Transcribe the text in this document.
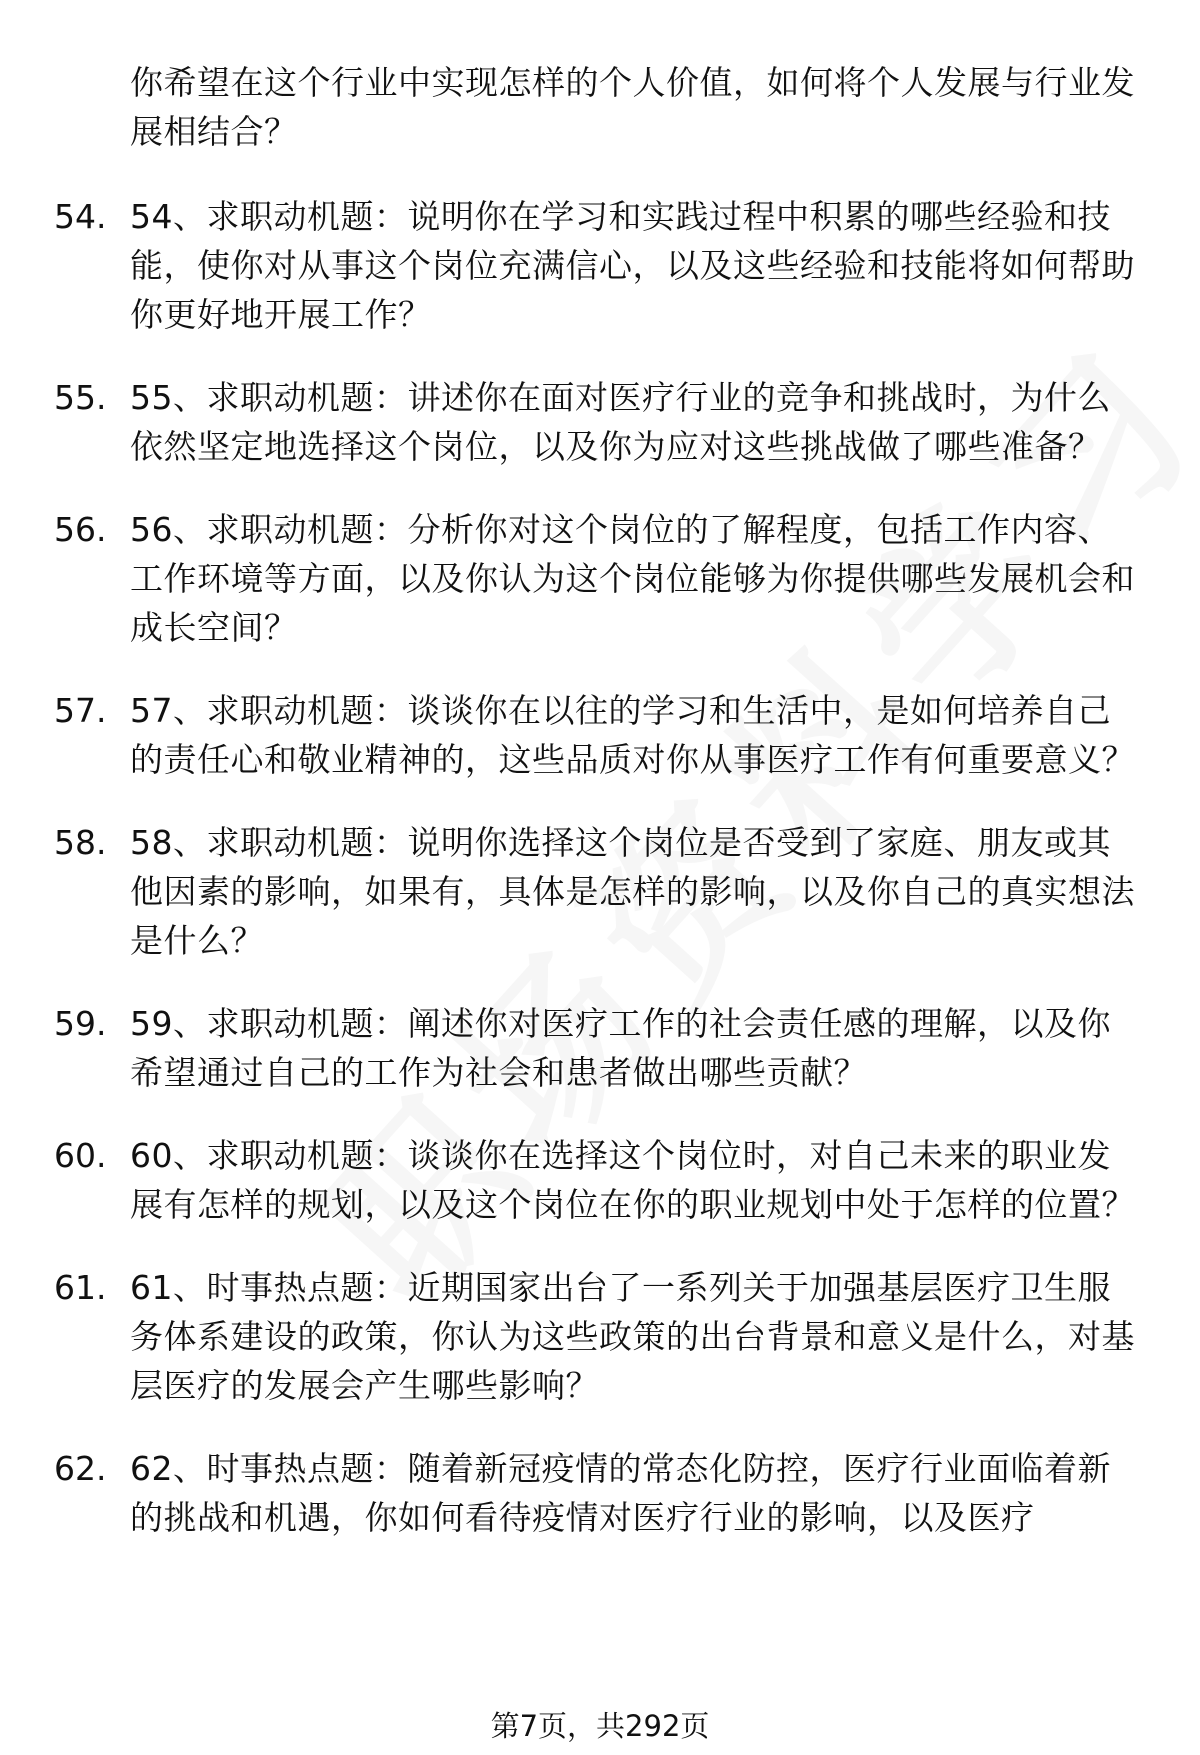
你希望在这个行业中实现怎样的个人价值，如何将个人发展与行业发展相结合？
54. 54、求职动机题：说明你在学习和实践过程中积累的哪些经验和技能，使你对从事这个岗位充满信心，以及这些经验和技能将如何帮助你更好地开展工作？
55. 55、求职动机题：讲述你在面对医疗行业的竞争和挑战时，为什么依然坚定地选择这个岗位，以及你为应对这些挑战做了哪些准备？
56. 56、求职动机题：分析你对这个岗位的了解程度，包括工作内容、工作环境等方面，以及你认为这个岗位能够为你提供哪些发展机会和成长空间？
57. 57、求职动机题：谈谈你在以往的学习和生活中，是如何培养自己的责任心和敬业精神的，这些品质对你从事医疗工作有何重要意义？
58. 58、求职动机题：说明你选择这个岗位是否受到了家庭、朋友或其他因素的影响，如果有，具体是怎样的影响，以及你自己的真实想法是什么？
59. 59、求职动机题：阐述你对医疗工作的社会责任感的理解，以及你希望通过自己的工作为社会和患者做出哪些贡献？
60. 60、求职动机题：谈谈你在选择这个岗位时，对自己未来的职业发展有怎样的规划，以及这个岗位在你的职业规划中处于怎样的位置？
61. 61、时事热点题：近期国家出台了一系列关于加强基层医疗卫生服务体系建设的政策，你认为这些政策的出台背景和意义是什么，对基层医疗的发展会产生哪些影响？
62. 62、时事热点题：随着新冠疫情的常态化防控，医疗行业面临着新的挑战和机遇，你如何看待疫情对医疗行业的影响，以及医疗
第7页，共292页
